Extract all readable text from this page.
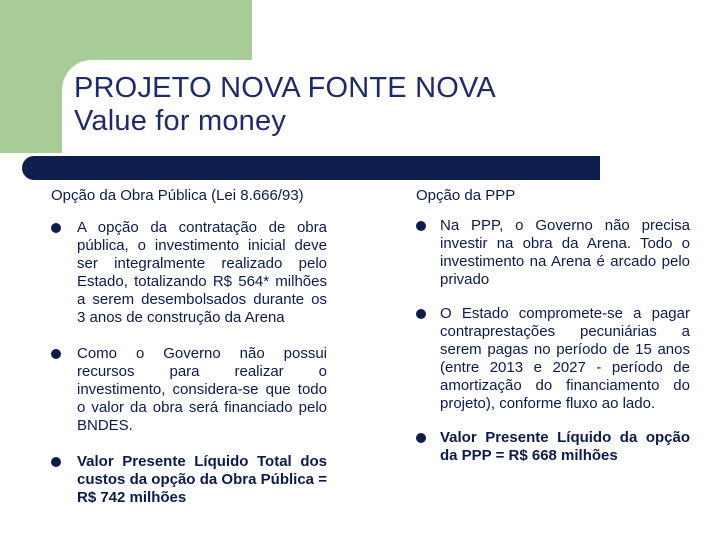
PROJETO NOVA FONTE NOVA
Value for money

Opção da Obra Pública (Lei 8.666/93)

A opção da contratação de obra pública, o investimento inicial deve ser integralmente realizado pelo Estado, totalizando R$ 564* milhões a serem desembolsados durante os 3 anos de construção da Arena
Como o Governo não possui recursos para realizar o investimento, considera-se que todo o valor da obra será financiado pelo BNDES.
Valor Presente Líquido Total dos custos da opção da Obra Pública = R$ 742 milhões

Opção da PPP

Na PPP, o Governo não precisa investir na obra da Arena. Todo o investimento na Arena é arcado pelo privado
O Estado compromete-se a pagar contraprestações pecuniárias a serem pagas no período de 15 anos (entre 2013 e 2027 - período de amortização do financiamento do projeto), conforme fluxo ao lado.
Valor Presente Líquido da opção da PPP = R$ 668 milhões
